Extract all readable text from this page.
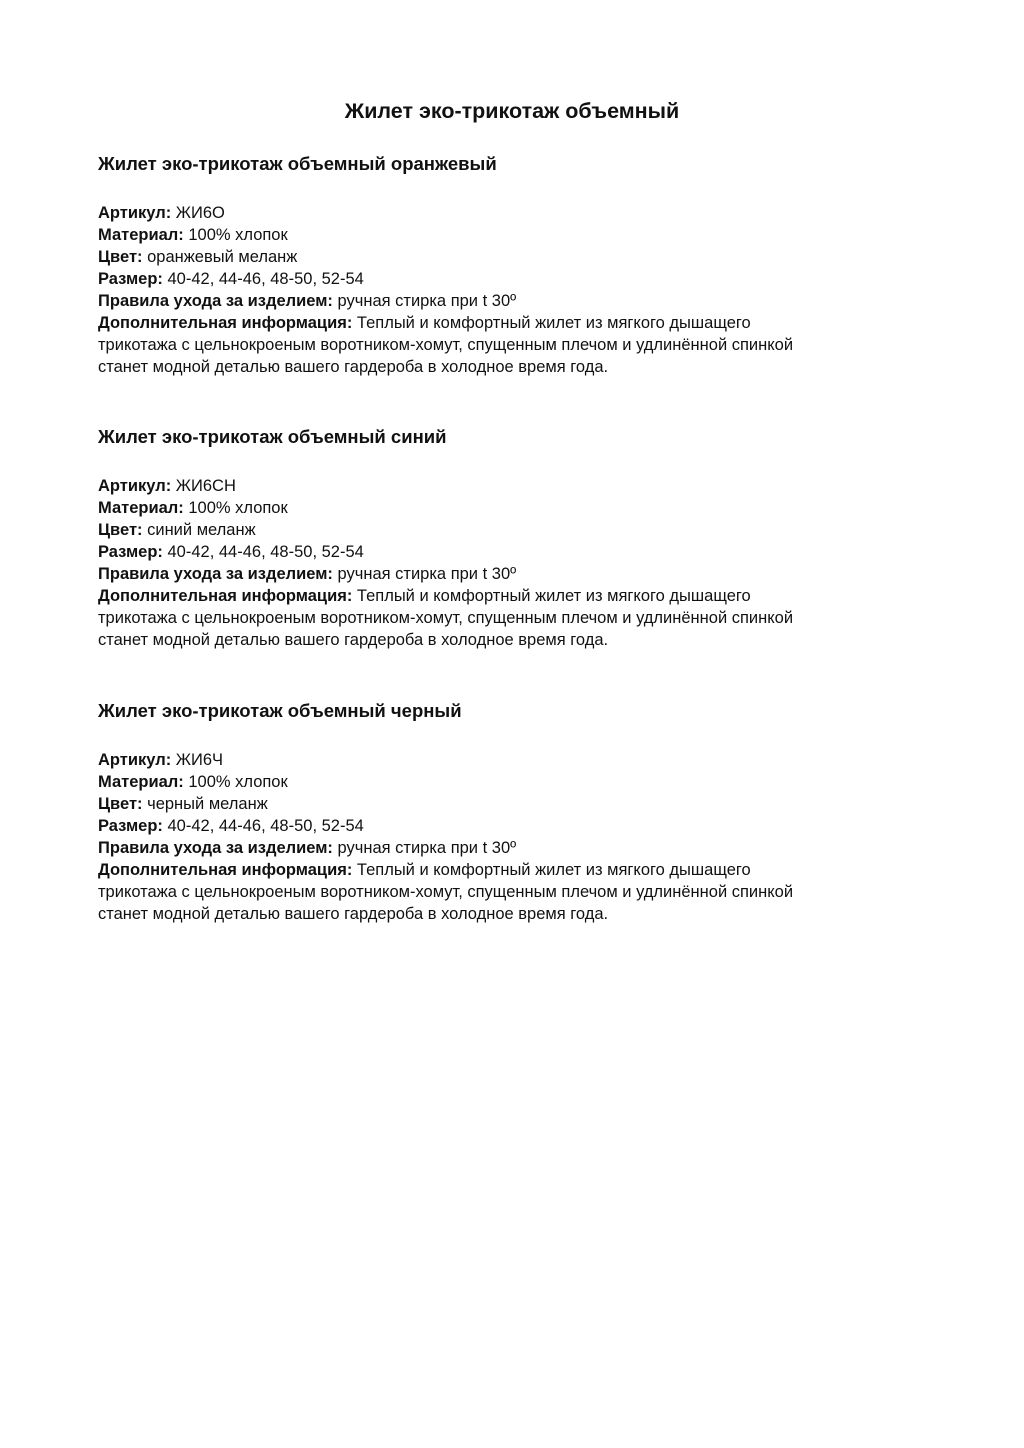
Жилет эко-трикотаж объемный
Жилет эко-трикотаж объемный оранжевый

Артикул: ЖИ6О

Материал: 100% хлопок

Цвет: оранжевый меланж

Размер: 40-42, 44-46, 48-50, 52-54

Правила ухода за изделием: ручная стирка при t 30º

Дополнительная информация: Теплый и комфортный жилет из мягкого дышащего
трикотажа с цельнокроеным воротником-хомут, спущенным плечом и удлинённой спинкой
станет модной деталью вашего гардероба в холодное время года.

Жилет эко-трикотаж объемный синий

Артикул: ЖИ6СН

Материал: 100% хлопок

Цвет: синий меланж

Размер: 40-42, 44-46, 48-50, 52-54

Правила ухода за изделием: ручная стирка при t 30º

Дополнительная информация: Теплый и комфортный жилет из мягкого дышащего
трикотажа с цельнокроеным воротником-хомут, спущенным плечом и удлинённой спинкой
станет модной деталью вашего гардероба в холодное время года.

Жилет эко-трикотаж объемный черный

Артикул: ЖИ6Ч

Материал: 100% хлопок

Цвет: черный меланж

Размер: 40-42, 44-46, 48-50, 52-54

Правила ухода за изделием: ручная стирка при t 30º

Дополнительная информация: Теплый и комфортный жилет из мягкого дышащего
трикотажа с цельнокроеным воротником-хомут, спущенным плечом и удлинённой спинкой
станет модной деталью вашего гардероба в холодное время года.
